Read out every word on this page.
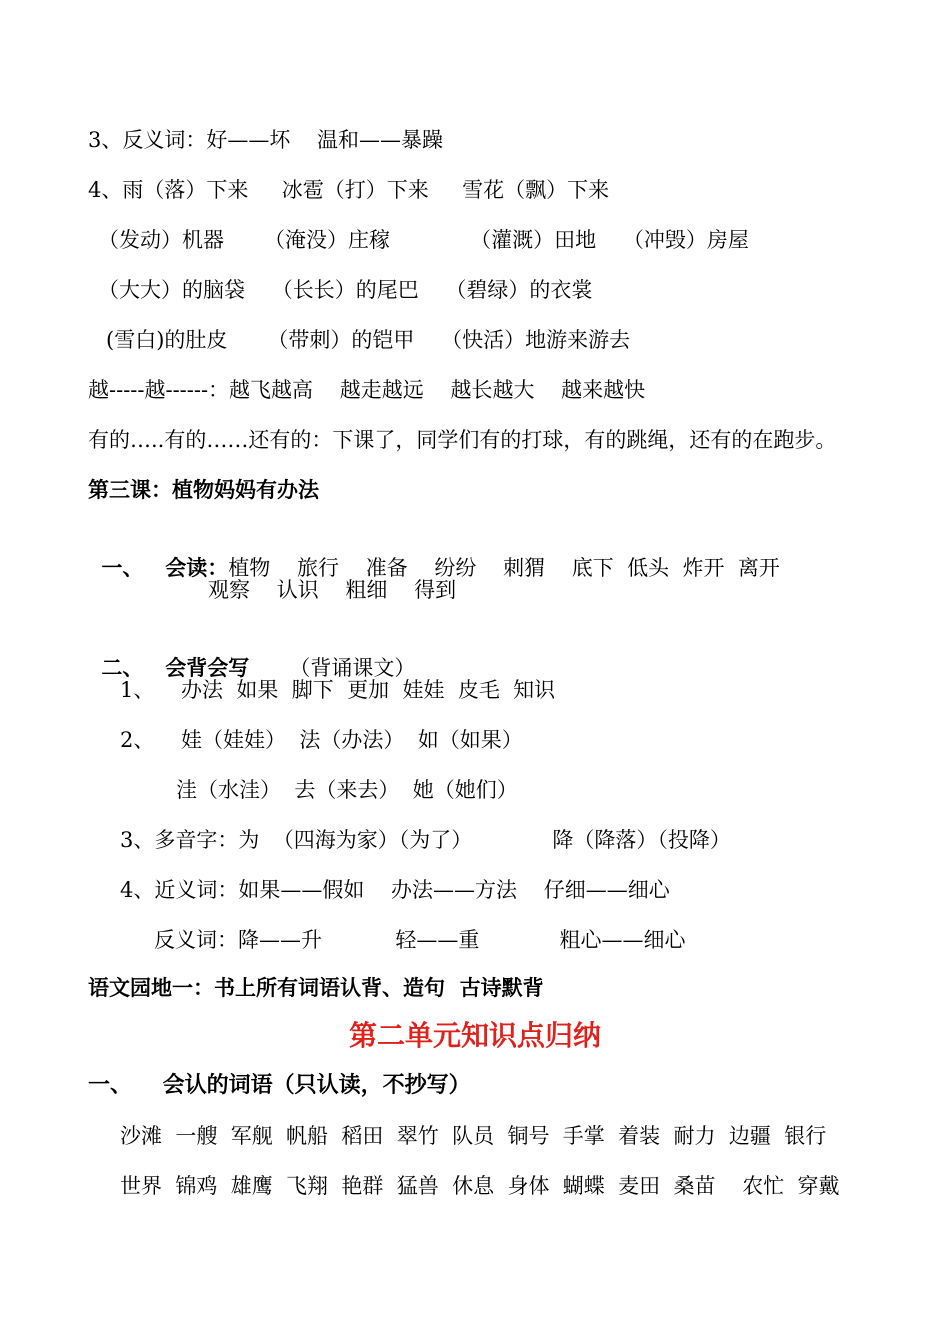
3、反义词：好——坏    温和——暴躁
4、雨（落）下来     冰雹（打）下来     雪花（飘）下来
（发动）机器      （淹没）庄稼            （灌溉）田地    （冲毁）房屋
（大大）的脑袋    （长长）的尾巴    （碧绿）的衣裳
(雪白)的肚皮      （带刺）的铠甲    （快活）地游来游去
越-----越------：越飞越高    越走越远    越长越大    越来越快
有的…..有的……还有的：下课了，同学们有的打球，有的跳绳，还有的在跑步。
第三课：植物妈妈有办法

一、   会读：植物    旅行    准备    纷纷    刺猬    底下  低头  炸开  离开

观察    认识    粗细    得到

二、   会背会写 （背诵课文）

1、    办法  如果  脚下  更加  娃娃  皮毛  知识
2、    娃（娃娃）  法（办法）  如（如果）
洼（水洼）  去（来去）  她（她们）
3、多音字：为  （四海为家）（为了）            降（降落）（投降）
4、近义词：如果——假如    办法——方法    仔细——细心
反义词：降——升           轻——重            粗心——细心
语文园地一：书上所有词语认背、造句  古诗默背
第二单元知识点归纳
一、    会认的词语（只认读，不抄写）
沙滩  一艘  军舰  帆船  稻田  翠竹  队员  铜号  手掌  着装  耐力  边疆  银行
世界  锦鸡  雄鹰  飞翔  艳群  猛兽  休息  身体  蝴蝶  麦田  桑苗    农忙  穿戴
